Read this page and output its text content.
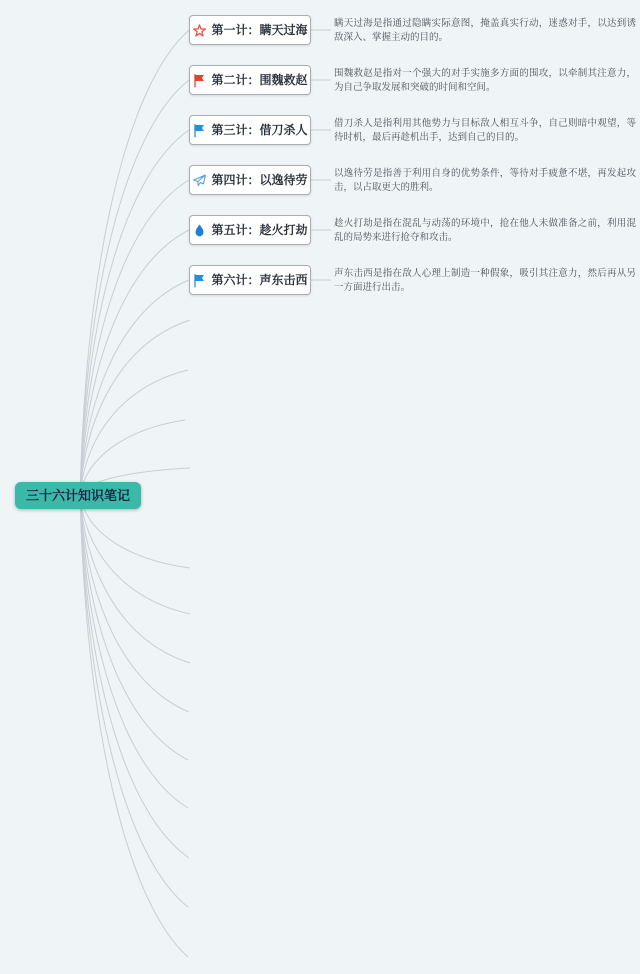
第一计：瞒天过海	瞒天过海是指通过隐瞒实际意图，掩盖真实行动，迷惑对手，以达到诱敌深入、掌握主动的目的。
第二计：围魏救赵	围魏救赵是指对一个强大的对手实施多方面的围攻，以牵制其注意力，为自己争取发展和突破的时间和空间。
第三计：借刀杀人	借刀杀人是指利用其他势力与目标敌人相互斗争，自己则暗中观望，等待时机，最后再趁机出手，达到自己的目的。
第四计：以逸待劳	以逸待劳是指善于利用自身的优势条件，等待对手疲惫不堪，再发起攻击，以占取更大的胜利。
第五计：趁火打劫	趁火打劫是指在混乱与动荡的环境中，抢在他人未做准备之前，利用混乱的局势来进行抢夺和攻击。
第六计：声东击西	声东击西是指在敌人心理上制造一种假象，吸引其注意力，然后再从另一方面进行出击。
三十六计知识笔记
